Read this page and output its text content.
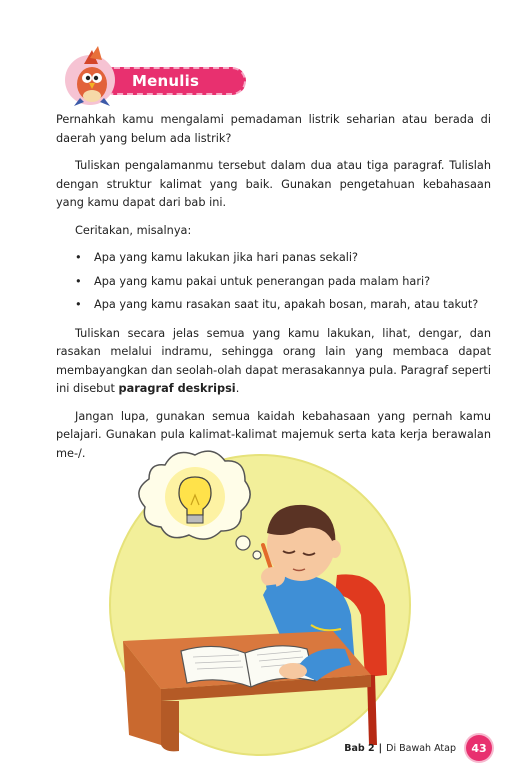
Menulis

Pernahkah kamu mengalami pemadaman listrik seharian atau berada di daerah yang belum ada listrik?

Tuliskan pengalamanmu tersebut dalam dua atau tiga paragraf. Tulislah dengan struktur kalimat yang baik. Gunakan pengetahuan kebahasaan yang kamu dapat dari bab ini.

Ceritakan, misalnya:

• Apa yang kamu lakukan jika hari panas sekali?
• Apa yang kamu pakai untuk penerangan pada malam hari?
• Apa yang kamu rasakan saat itu, apakah bosan, marah, atau takut?

Tuliskan secara jelas semua yang kamu lakukan, lihat, dengar, dan rasakan melalui indramu, sehingga orang lain yang membaca dapat membayangkan dan seolah-olah dapat merasakannya pula. Paragraf seperti ini disebut paragraf deskripsi.

Jangan lupa, gunakan semua kaidah kebahasaan yang pernah kamu pelajari. Gunakan pula kalimat-kalimat majemuk serta kata kerja berawalan me-/.

Bab 2 | Di Bawah Atap	43
